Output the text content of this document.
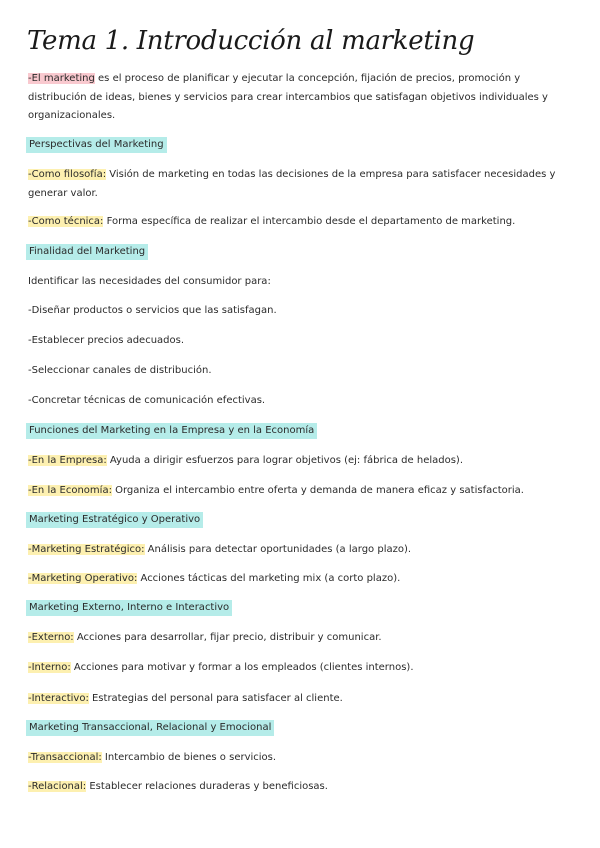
Tema 1. Introducción al marketing
-El marketing es el proceso de planificar y ejecutar la concepción, fijación de precios, promoción y distribución de ideas, bienes y servicios para crear intercambios que satisfagan objetivos individuales y organizacionales.
Perspectivas del Marketing
-Como filosofía: Visión de marketing en todas las decisiones de la empresa para satisfacer necesidades y generar valor.
-Como técnica: Forma específica de realizar el intercambio desde el departamento de marketing.
Finalidad del Marketing
Identificar las necesidades del consumidor para:
-Diseñar productos o servicios que las satisfagan.
-Establecer precios adecuados.
-Seleccionar canales de distribución.
-Concretar técnicas de comunicación efectivas.
Funciones del Marketing en la Empresa y en la Economía
-En la Empresa: Ayuda a dirigir esfuerzos para lograr objetivos (ej: fábrica de helados).
-En la Economía: Organiza el intercambio entre oferta y demanda de manera eficaz y satisfactoria.
Marketing Estratégico y Operativo
-Marketing Estratégico: Análisis para detectar oportunidades (a largo plazo).
-Marketing Operativo: Acciones tácticas del marketing mix (a corto plazo).
Marketing Externo, Interno e Interactivo
-Externo: Acciones para desarrollar, fijar precio, distribuir y comunicar.
-Interno: Acciones para motivar y formar a los empleados (clientes internos).
-Interactivo: Estrategias del personal para satisfacer al cliente.
Marketing Transaccional, Relacional y Emocional
-Transaccional: Intercambio de bienes o servicios.
-Relacional: Establecer relaciones duraderas y beneficiosas.
